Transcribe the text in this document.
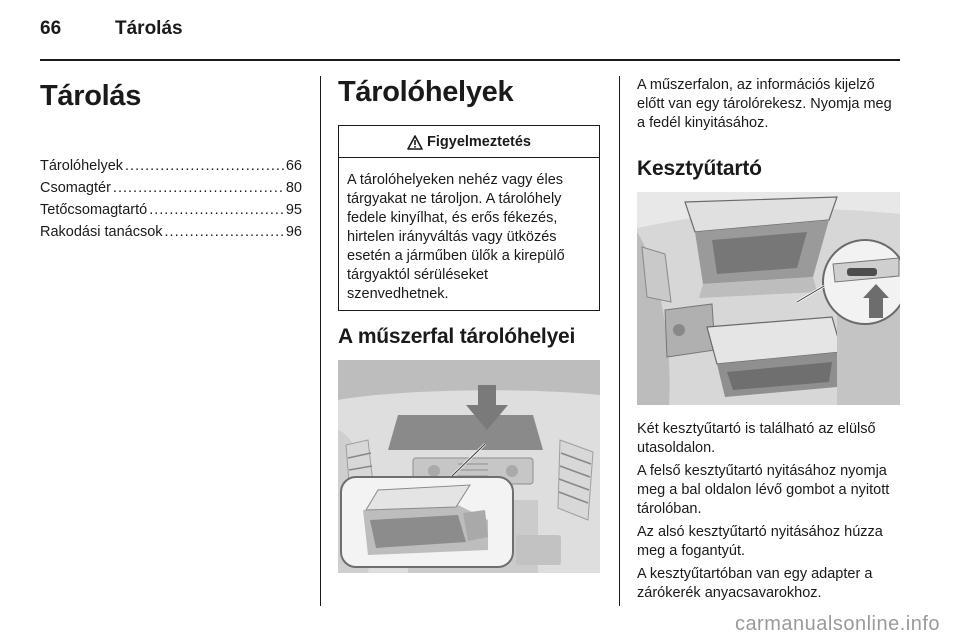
66	Tárolás
Tárolás
Tárolóhelyek .....	66
Csomagtér .....	80
Tetőcsomagtartó .....	95
Rakodási tanácsok .....	96
Tárolóhelyek
Figyelmeztetés
A tárolóhelyeken nehéz vagy éles tárgyakat ne tároljon. A tárolóhely fedele kinyílhat, és erős fékezés, hirtelen irányváltás vagy ütközés esetén a járműben ülők a kirepülő tárgyaktól sérüléseket szenvedhetnek.
A műszerfal tárolóhelyei

A műszerfalon, az információs kijelző előtt van egy tárolórekesz. Nyomja meg a fedél kinyitásához.

Kesztyűtartó

Két kesztyűtartó is található az elülső utasoldalon.

A felső kesztyűtartó nyitásához nyomja meg a bal oldalon lévő gombot a nyitott tárolóban.

Az alsó kesztyűtartó nyitásához húzza meg a fogantyút.

A kesztyűtartóban van egy adapter a zárókerék anyacsavarokhoz.

carmanualsonline.info
